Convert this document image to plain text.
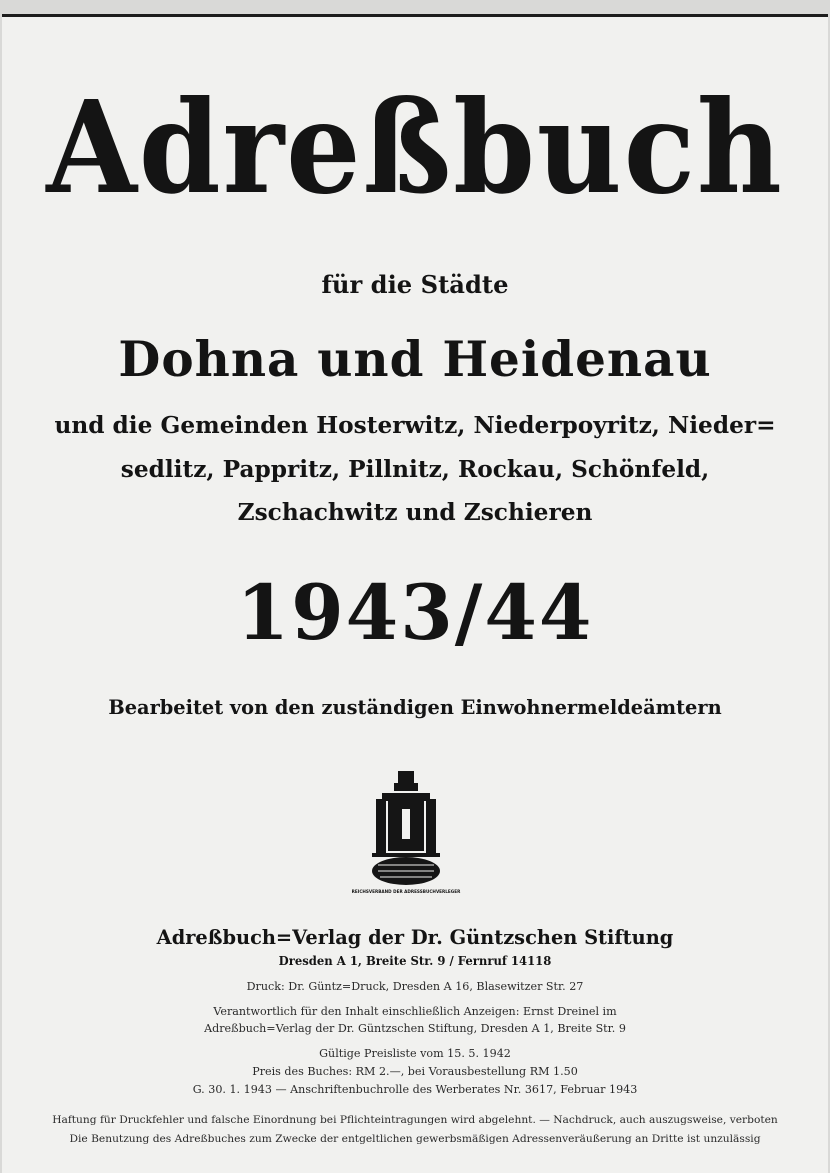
Adreßbuch
für die Städte
Dohna und Heidenau
und die Gemeinden Hosterwitz, Niederpoyritz, Nieder=
sedlitz, Pappritz, Pillnitz, Rockau, Schönfeld,
Zschachwitz und Zschieren
1943/44
Bearbeitet von den zuständigen Einwohnermeldeämtern
REICHSVERBAND DER ADRESSBUCHVERLEGER
Adreßbuch=Verlag der Dr. Güntzschen Stiftung
Dresden A 1, Breite Str. 9 / Fernruf 14118
Druck: Dr. Güntz=Druck, Dresden A 16, Blasewitzer Str. 27
Verantwortlich für den Inhalt einschließlich Anzeigen: Ernst Dreinel im
Adreßbuch=Verlag der Dr. Güntzschen Stiftung, Dresden A 1, Breite Str. 9
Gültige Preisliste vom 15. 5. 1942
Preis des Buches: RM 2.—, bei Vorausbestellung RM 1.50
G. 30. 1. 1943 — Anschriftenbuchrolle des Werberates Nr. 3617, Februar 1943
Haftung für Druckfehler und falsche Einordnung bei Pflichteintragungen wird abgelehnt. — Nachdruck, auch auszugsweise, verboten
Die Benutzung des Adreßbuches zum Zwecke der entgeltlichen gewerbsmäßigen Adressenveräußerung an Dritte ist unzulässig
